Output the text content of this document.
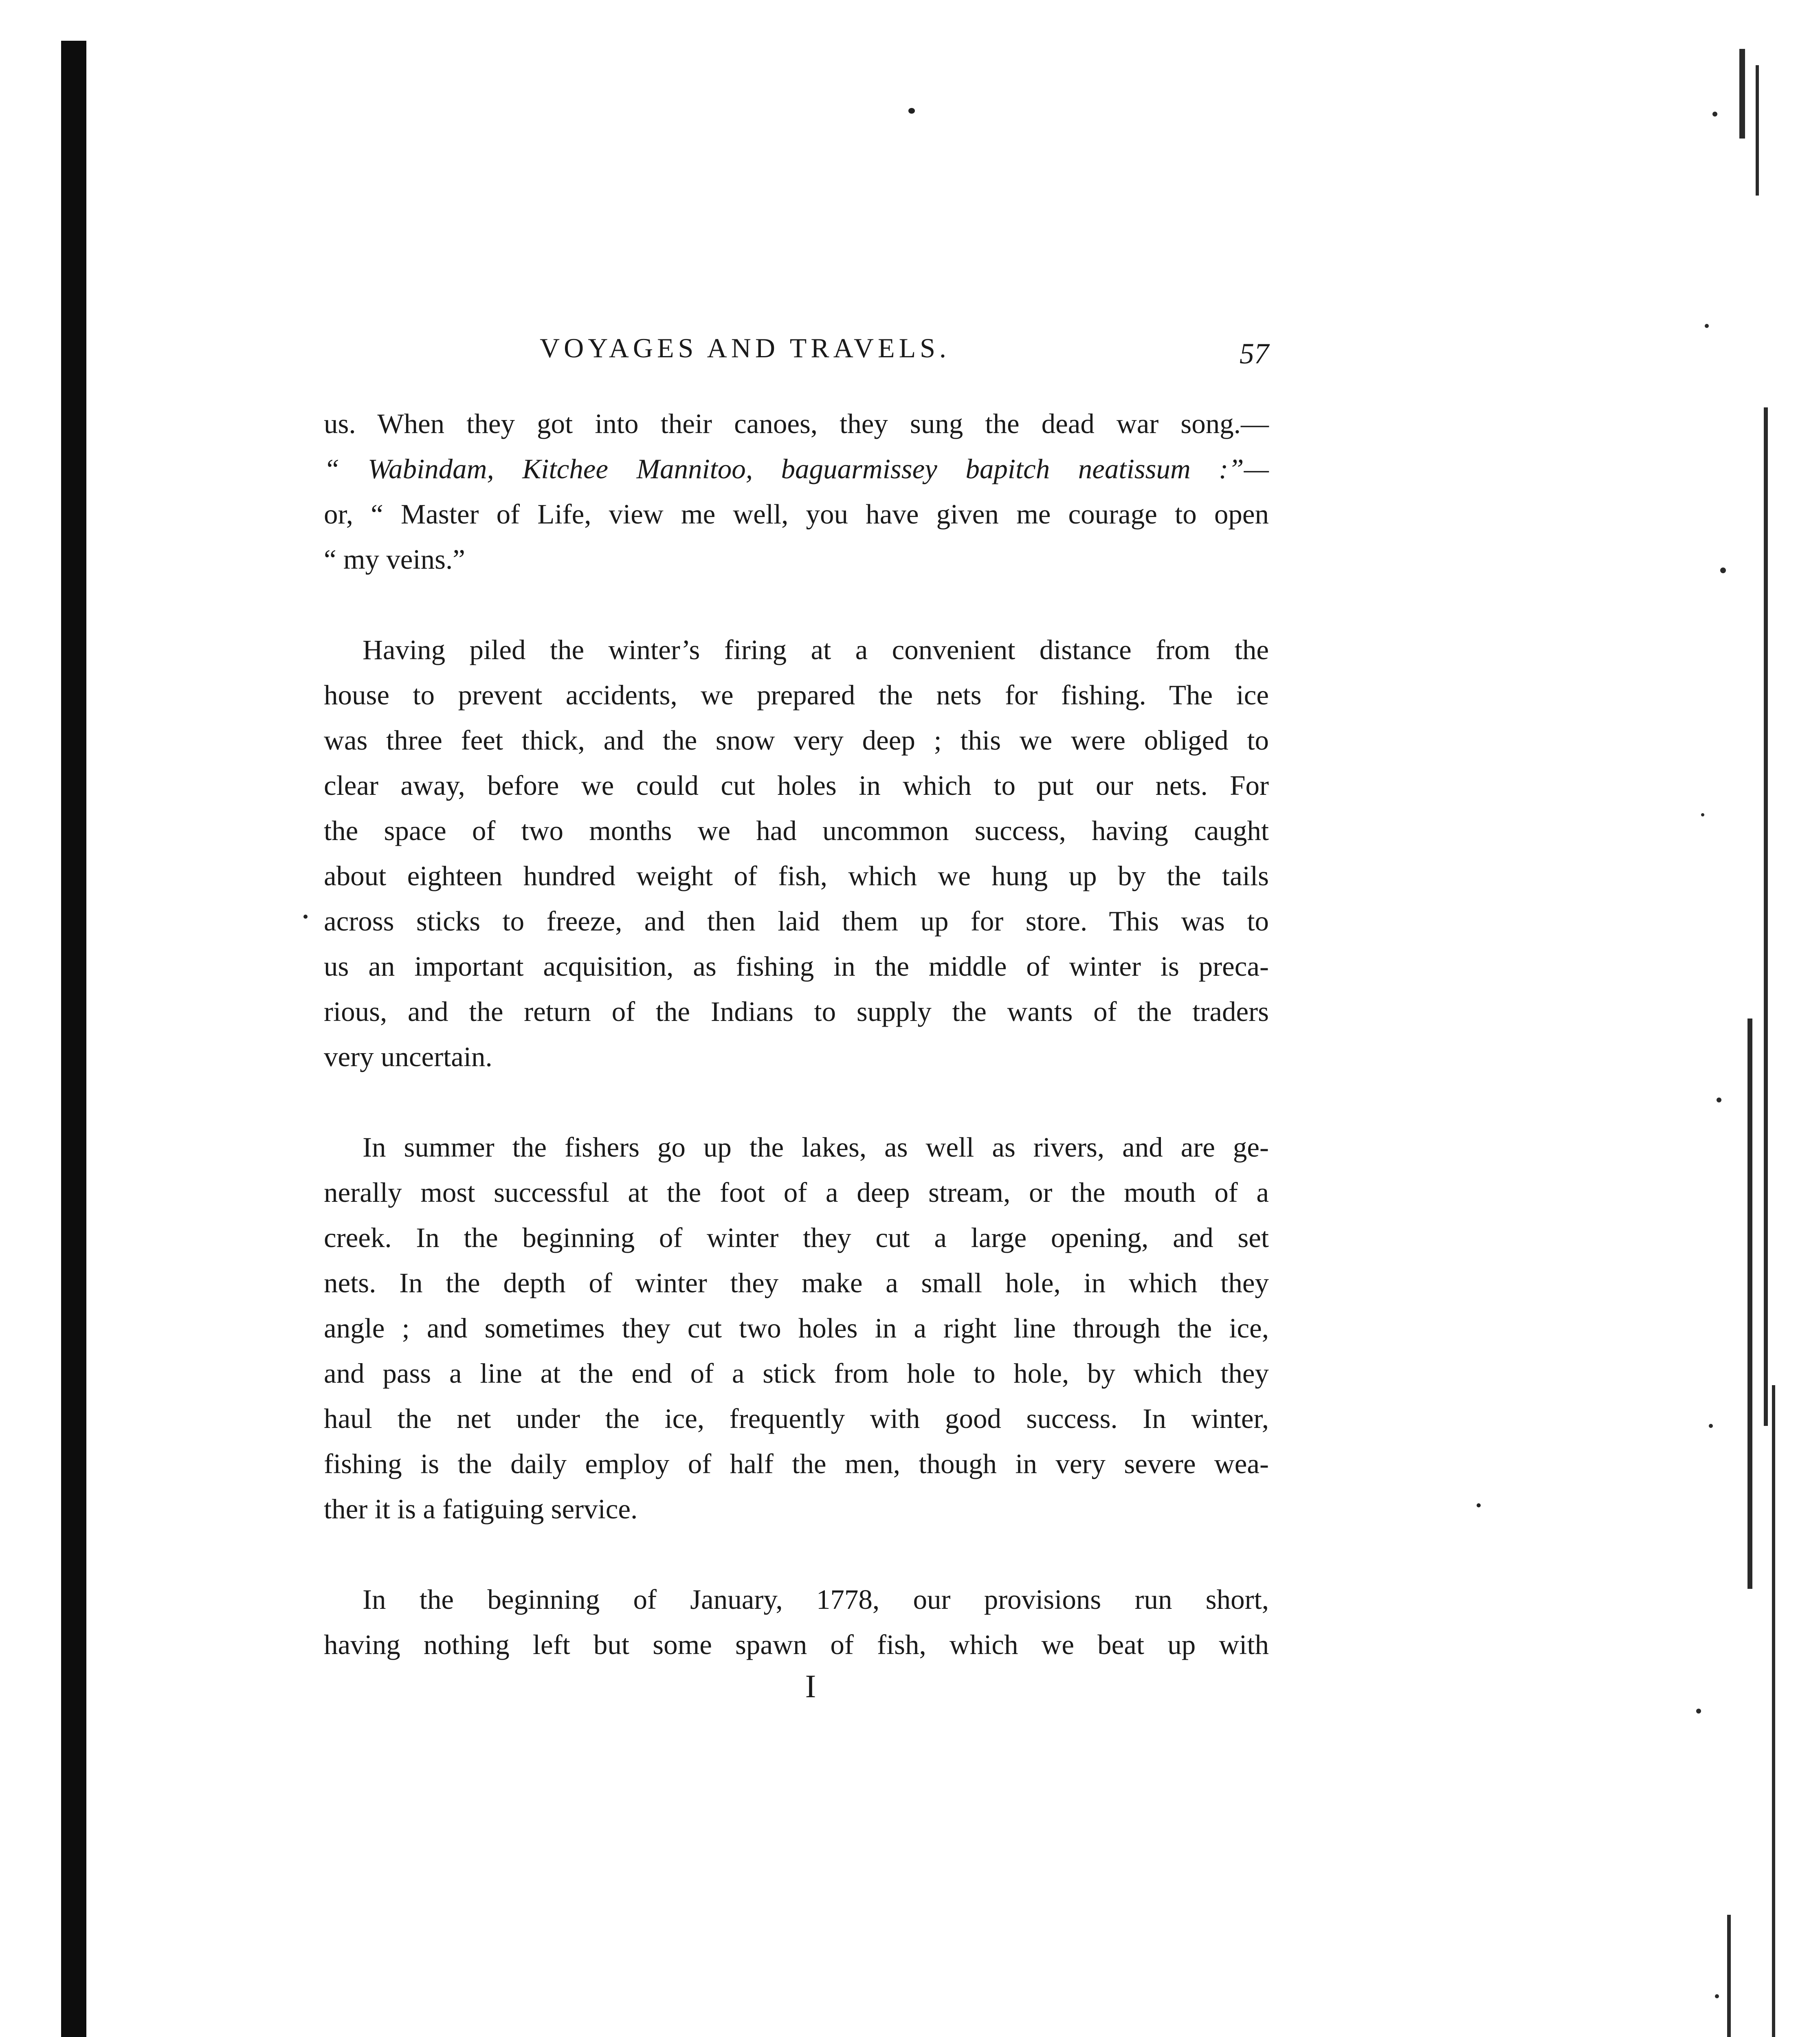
VOYAGES AND TRAVELS.	57
us. When they got into their canoes, they sung the dead war song.—
“ Wabindam, Kitchee Mannitoo, baguarmissey bapitch neatissum :”—
or, “ Master of Life, view me well, you have given me courage to open
“ my veins.”
Having piled the winter’s firing at a convenient distance from the
house to prevent accidents, we prepared the nets for fishing. The ice
was three feet thick, and the snow very deep ; this we were obliged to
clear away, before we could cut holes in which to put our nets. For
the space of two months we had uncommon success, having caught
about eighteen hundred weight of fish, which we hung up by the tails
across sticks to freeze, and then laid them up for store. This was to
us an important acquisition, as fishing in the middle of winter is preca-
rious, and the return of the Indians to supply the wants of the traders
very uncertain.
In summer the fishers go up the lakes, as well as rivers, and are ge-
nerally most successful at the foot of a deep stream, or the mouth of a
creek. In the beginning of winter they cut a large opening, and set
nets. In the depth of winter they make a small hole, in which they
angle ; and sometimes they cut two holes in a right line through the ice,
and pass a line at the end of a stick from hole to hole, by which they
haul the net under the ice, frequently with good success. In winter,
fishing is the daily employ of half the men, though in very severe wea-
ther it is a fatiguing service.
In the beginning of January, 1778, our provisions run short,
having nothing left but some spawn of fish, which we beat up with
I
